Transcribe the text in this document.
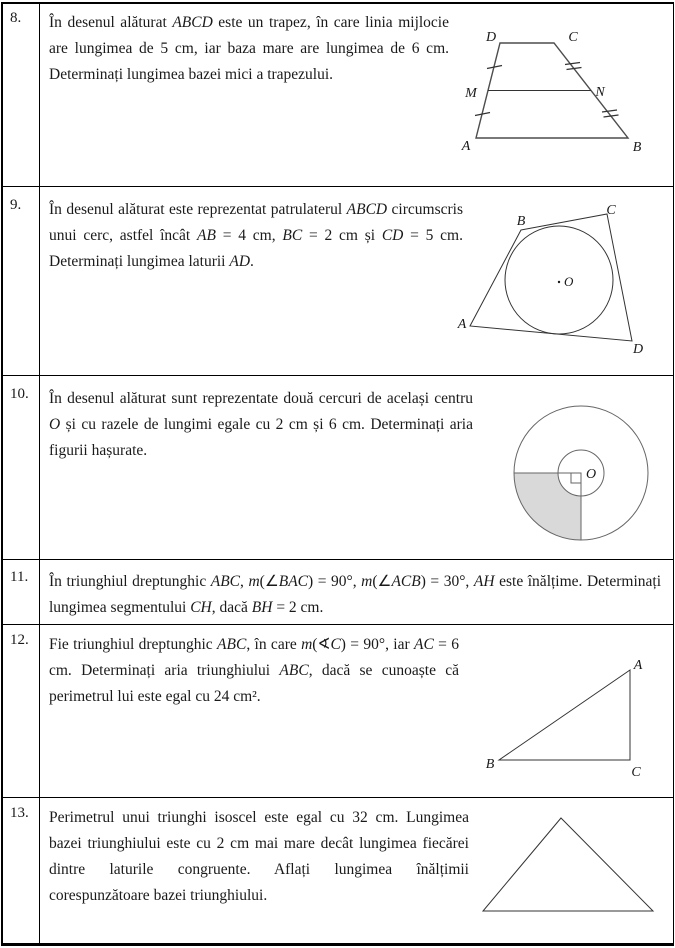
8.	În desenul alăturat ABCD este un trapez, în care linia mijlocie are lungimea de 5 cm, iar baza mare are lungimea de 6 cm. Determinați lungimea bazei mici a trapezului.
D	C
M	N
A	B
9.	În desenul alăturat este reprezentat patrulaterul ABCD circumscris unui cerc, astfel încât AB = 4 cm, BC = 2 cm și CD = 5 cm. Determinați lungimea laturii AD.
B
C
A
D
O
10.	În desenul alăturat sunt reprezentate două cercuri de același centru O și cu razele de lungimi egale cu 2 cm și 6 cm. Determinați aria figurii hașurate.
O
11.	În triunghiul dreptunghic ABC, m(∠BAC) = 90°, m(∠ACB) = 30°, AH este înălțime. Determinați lungimea segmentului CH, dacă BH = 2 cm.
12.	Fie triunghiul dreptunghic ABC, în care m(∢C) = 90°, iar AC = 6 cm. Determinați aria triunghiului ABC, dacă se cunoaște că perimetrul lui este egal cu 24 cm².
A
B
C
13.	Perimetrul unui triunghi isoscel este egal cu 32 cm. Lungimea bazei triunghiului este cu 2 cm mai mare decât lungimea fiecărei dintre laturile congruente. Aflați lungimea înălțimii corespunzătoare bazei triunghiului.
